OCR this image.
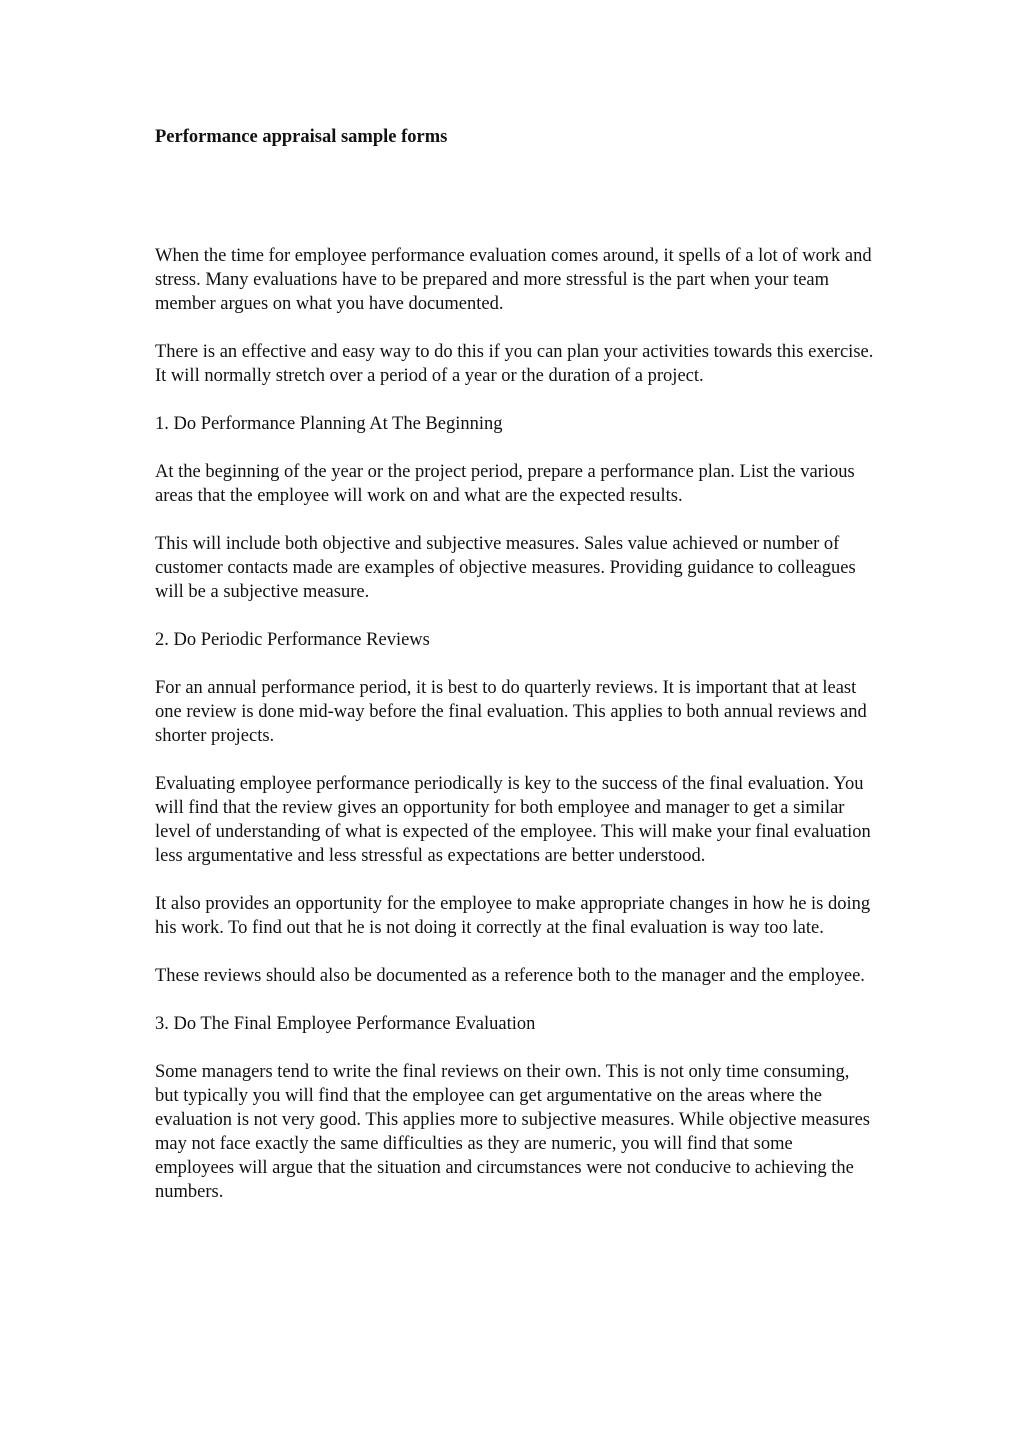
Performance appraisal sample forms

When the time for employee performance evaluation comes around, it spells of a lot of work and stress. Many evaluations have to be prepared and more stressful is the part when your team member argues on what you have documented.

There is an effective and easy way to do this if you can plan your activities towards this exercise. It will normally stretch over a period of a year or the duration of a project.

1. Do Performance Planning At The Beginning

At the beginning of the year or the project period, prepare a performance plan. List the various areas that the employee will work on and what are the expected results.

This will include both objective and subjective measures. Sales value achieved or number of customer contacts made are examples of objective measures. Providing guidance to colleagues will be a subjective measure.

2. Do Periodic Performance Reviews

For an annual performance period, it is best to do quarterly reviews. It is important that at least one review is done mid-way before the final evaluation. This applies to both annual reviews and shorter projects.

Evaluating employee performance periodically is key to the success of the final evaluation. You will find that the review gives an opportunity for both employee and manager to get a similar level of understanding of what is expected of the employee. This will make your final evaluation less argumentative and less stressful as expectations are better understood.

It also provides an opportunity for the employee to make appropriate changes in how he is doing his work. To find out that he is not doing it correctly at the final evaluation is way too late.

These reviews should also be documented as a reference both to the manager and the employee.

3. Do The Final Employee Performance Evaluation

Some managers tend to write the final reviews on their own. This is not only time consuming, but typically you will find that the employee can get argumentative on the areas where the evaluation is not very good. This applies more to subjective measures. While objective measures may not face exactly the same difficulties as they are numeric, you will find that some employees will argue that the situation and circumstances were not conducive to achieving the numbers.
